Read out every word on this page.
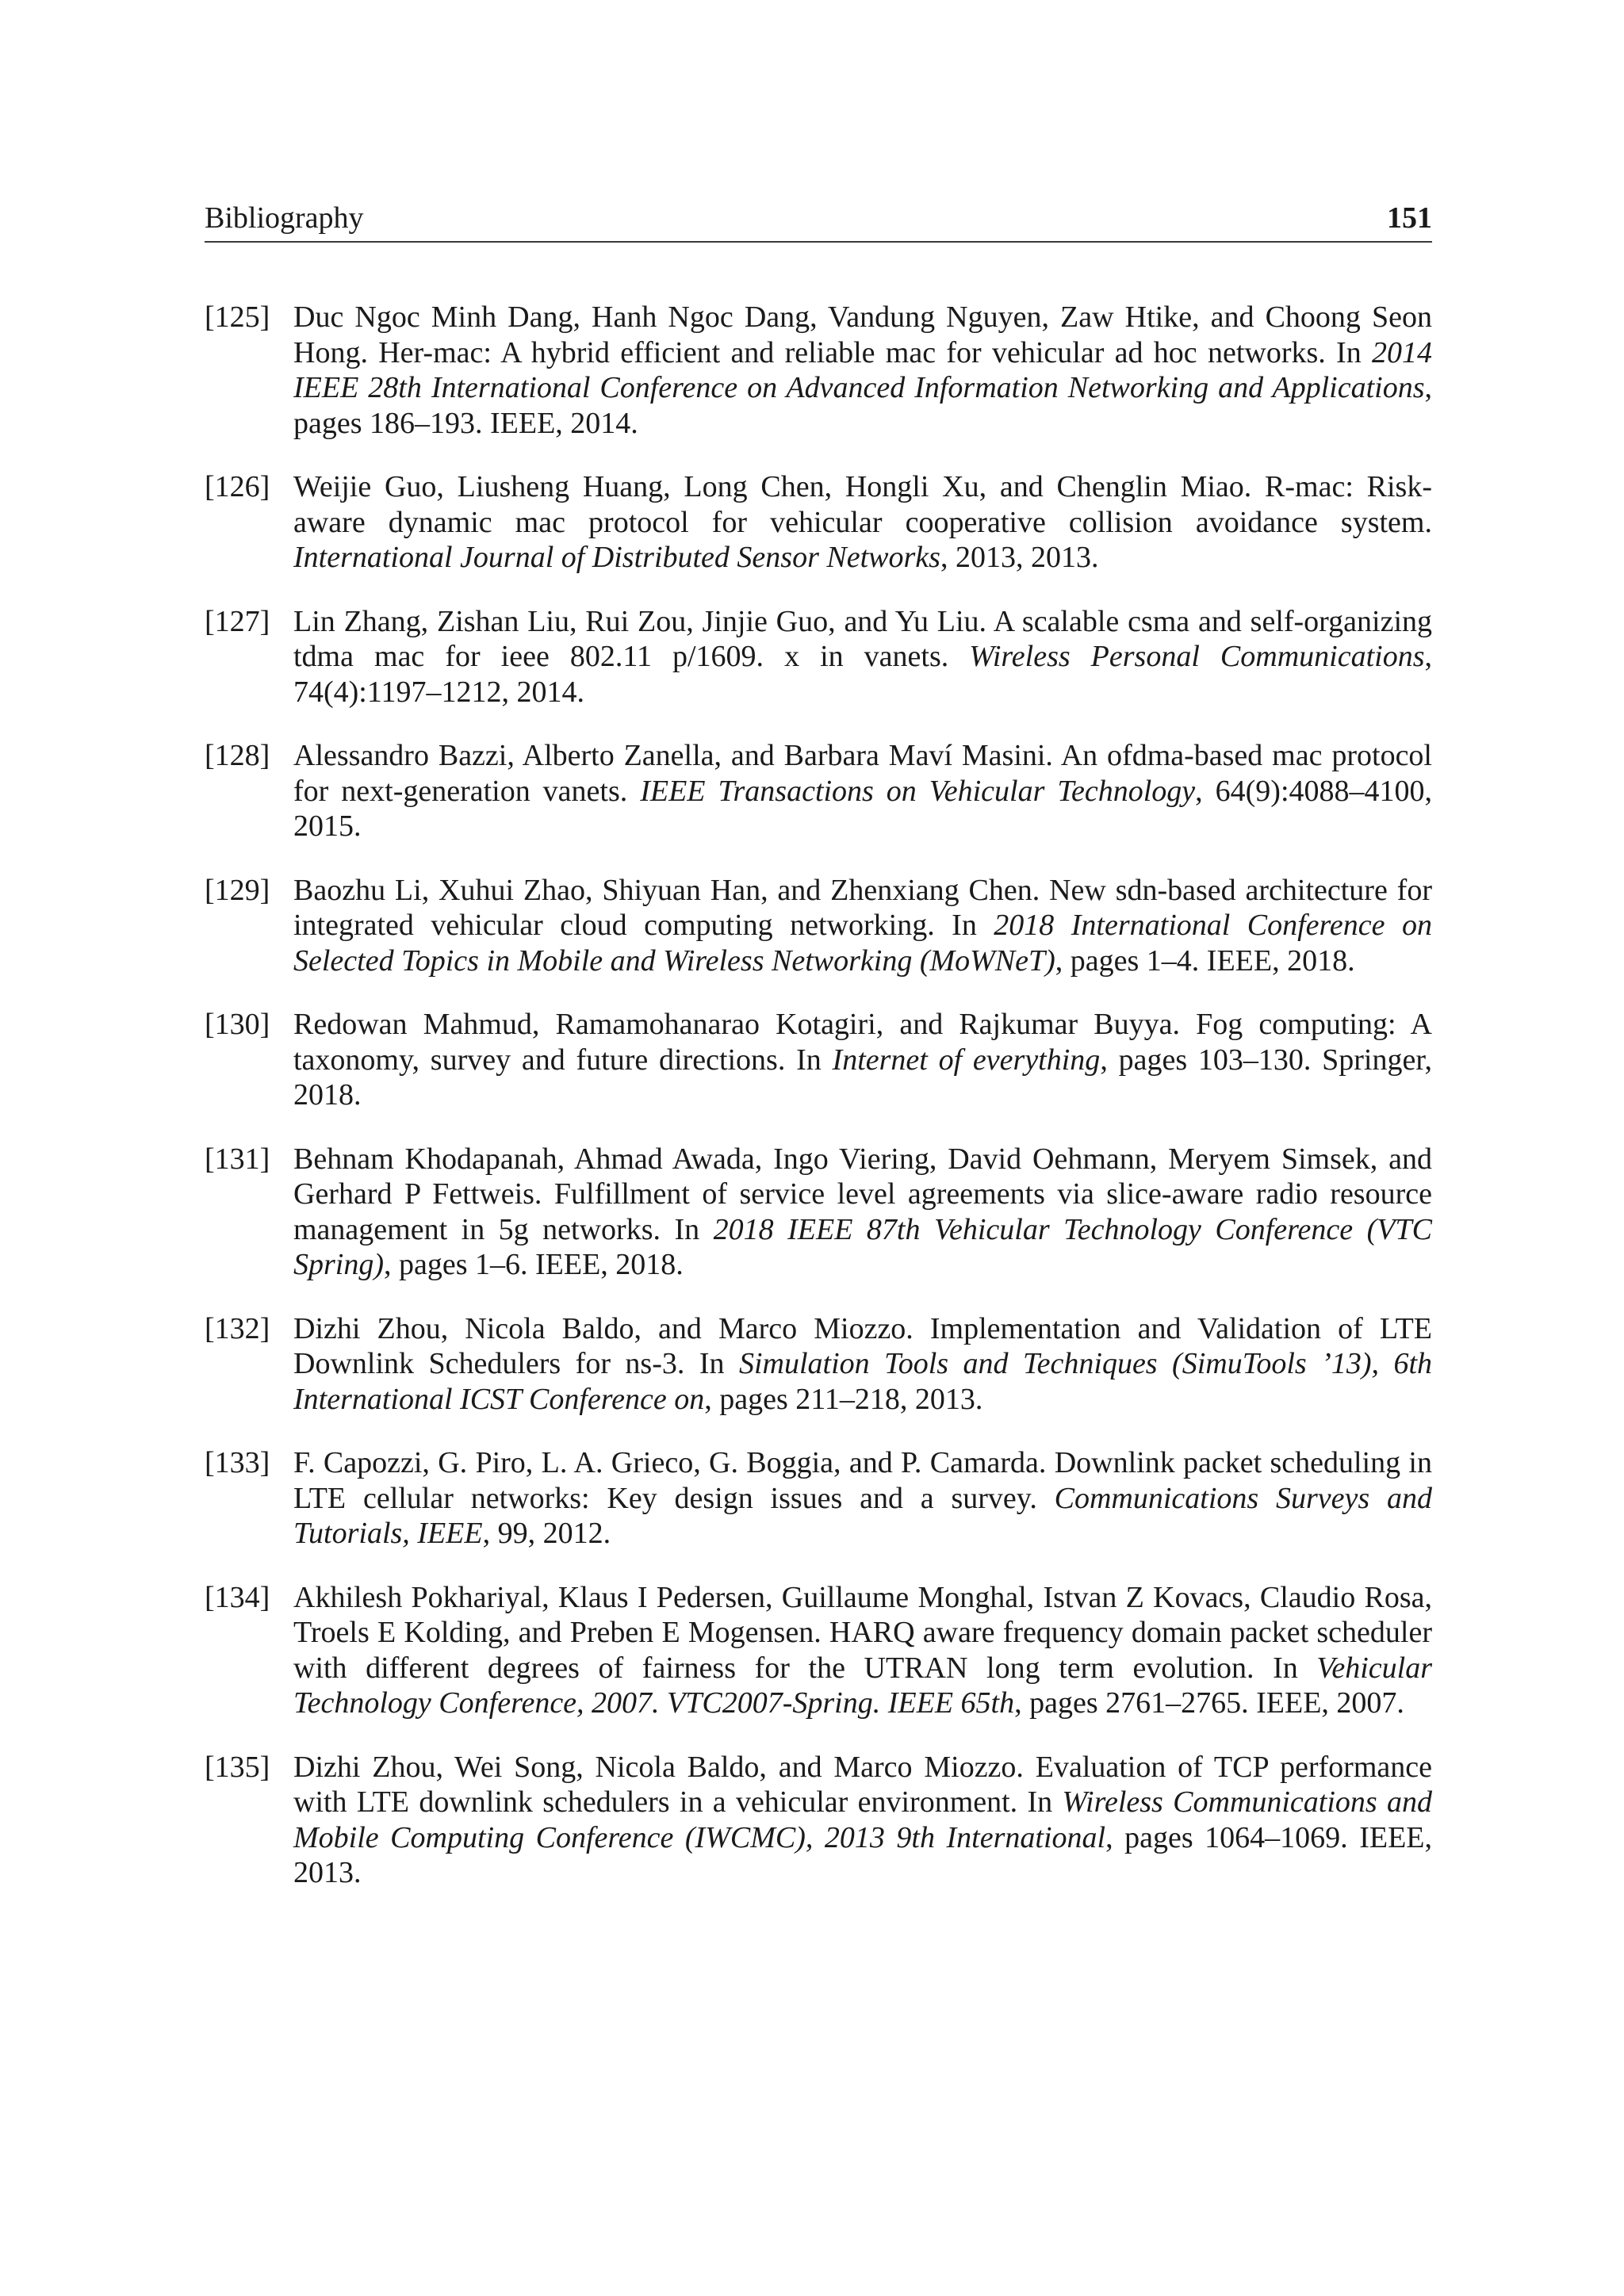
Bibliography	151
[125] Duc Ngoc Minh Dang, Hanh Ngoc Dang, Vandung Nguyen, Zaw Htike, and Choong Seon Hong. Her-mac: A hybrid efficient and reliable mac for vehicular ad hoc networks. In 2014 IEEE 28th International Conference on Advanced Information Networking and Applications, pages 186–193. IEEE, 2014.
[126] Weijie Guo, Liusheng Huang, Long Chen, Hongli Xu, and Chenglin Miao. R-mac: Risk-aware dynamic mac protocol for vehicular cooperative collision avoidance system. International Journal of Distributed Sensor Networks, 2013, 2013.
[127] Lin Zhang, Zishan Liu, Rui Zou, Jinjie Guo, and Yu Liu. A scalable csma and self-organizing tdma mac for ieee 802.11 p/1609. x in vanets. Wireless Personal Communications, 74(4):1197–1212, 2014.
[128] Alessandro Bazzi, Alberto Zanella, and Barbara Maví Masini. An ofdma-based mac protocol for next-generation vanets. IEEE Transactions on Vehicular Technology, 64(9):4088–4100, 2015.
[129] Baozhu Li, Xuhui Zhao, Shiyuan Han, and Zhenxiang Chen. New sdn-based architecture for integrated vehicular cloud computing networking. In 2018 International Conference on Selected Topics in Mobile and Wireless Networking (MoWNeT), pages 1–4. IEEE, 2018.
[130] Redowan Mahmud, Ramamohanarao Kotagiri, and Rajkumar Buyya. Fog computing: A taxonomy, survey and future directions. In Internet of everything, pages 103–130. Springer, 2018.
[131] Behnam Khodapanah, Ahmad Awada, Ingo Viering, David Oehmann, Meryem Simsek, and Gerhard P Fettweis. Fulfillment of service level agreements via slice-aware radio resource management in 5g networks. In 2018 IEEE 87th Vehicular Technology Conference (VTC Spring), pages 1–6. IEEE, 2018.
[132] Dizhi Zhou, Nicola Baldo, and Marco Miozzo. Implementation and Validation of LTE Downlink Schedulers for ns-3. In Simulation Tools and Techniques (SimuTools ’13), 6th International ICST Conference on, pages 211–218, 2013.
[133] F. Capozzi, G. Piro, L. A. Grieco, G. Boggia, and P. Camarda. Downlink packet scheduling in LTE cellular networks: Key design issues and a survey. Communications Surveys and Tutorials, IEEE, 99, 2012.
[134] Akhilesh Pokhariyal, Klaus I Pedersen, Guillaume Monghal, Istvan Z Kovacs, Claudio Rosa, Troels E Kolding, and Preben E Mogensen. HARQ aware frequency domain packet scheduler with different degrees of fairness for the UTRAN long term evolution. In Vehicular Technology Conference, 2007. VTC2007-Spring. IEEE 65th, pages 2761–2765. IEEE, 2007.
[135] Dizhi Zhou, Wei Song, Nicola Baldo, and Marco Miozzo. Evaluation of TCP performance with LTE downlink schedulers in a vehicular environment. In Wireless Communications and Mobile Computing Conference (IWCMC), 2013 9th International, pages 1064–1069. IEEE, 2013.
